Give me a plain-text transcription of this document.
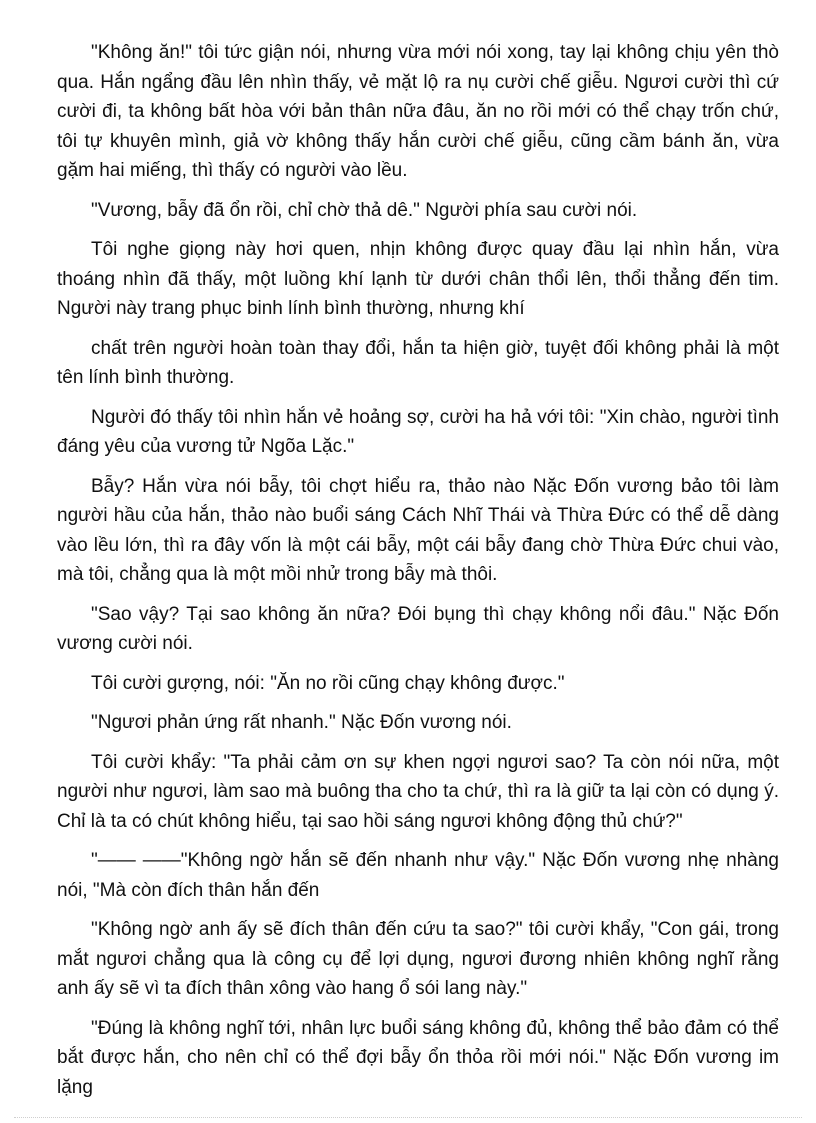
"Không ăn!" tôi tức giận nói, nhưng vừa mới nói xong, tay lại không chịu yên thò qua. Hắn ngẩng đầu lên nhìn thấy, vẻ mặt lộ ra nụ cười chế giễu. Ngươi cười thì cứ cười đi, ta không bất hòa với bản thân nữa đâu, ăn no rồi mới có thể chạy trốn chứ, tôi tự khuyên mình, giả vờ không thấy hắn cười chế giễu, cũng cầm bánh ăn, vừa gặm hai miếng, thì thấy có người vào lều.

"Vương, bẫy đã ổn rồi, chỉ chờ thả dê." Người phía sau cười nói.

Tôi nghe giọng này hơi quen, nhịn không được quay đầu lại nhìn hắn, vừa thoáng nhìn đã thấy, một luồng khí lạnh từ dưới chân thổi lên, thổi thẳng đến tim. Người này trang phục binh lính bình thường, nhưng khí

chất trên người hoàn toàn thay đổi, hắn ta hiện giờ, tuyệt đối không phải là một tên lính bình thường.

Người đó thấy tôi nhìn hắn vẻ hoảng sợ, cười ha hả với tôi: "Xin chào, người tình đáng yêu của vương tử Ngõa Lặc."

Bẫy? Hắn vừa nói bẫy, tôi chợt hiểu ra, thảo nào Nặc Đốn vương bảo tôi làm người hầu của hắn, thảo nào buổi sáng Cách Nhĩ Thái và Thừa Đức có thể dễ dàng vào lều lớn, thì ra đây vốn là một cái bẫy, một cái bẫy đang chờ Thừa Đức chui vào, mà tôi, chẳng qua là một mồi nhử trong bẫy mà thôi.

"Sao vậy? Tại sao không ăn nữa? Đói bụng thì chạy không nổi đâu." Nặc Đốn vương cười nói.

Tôi cười gượng, nói: "Ăn no rồi cũng chạy không được."

"Ngươi phản ứng rất nhanh." Nặc Đốn vương nói.

Tôi cười khẩy: "Ta phải cảm ơn sự khen ngợi ngươi sao? Ta còn nói nữa, một người như ngươi, làm sao mà buông tha cho ta chứ, thì ra là giữ ta lại còn có dụng ý. Chỉ là ta có chút không hiểu, tại sao hồi sáng ngươi không động thủ chứ?"

"—— ——"Không ngờ hắn sẽ đến nhanh như vậy." Nặc Đốn vương nhẹ nhàng nói, "Mà còn đích thân hắn đến

"Không ngờ anh ấy sẽ đích thân đến cứu ta sao?" tôi cười khẩy, "Con gái, trong mắt ngươi chẳng qua là công cụ để lợi dụng, ngươi đương nhiên không nghĩ rằng anh ấy sẽ vì ta đích thân xông vào hang ổ sói lang này."

"Đúng là không nghĩ tới, nhân lực buổi sáng không đủ, không thể bảo đảm có thể bắt được hắn, cho nên chỉ có thể đợi bẫy ổn thỏa rồi mới nói." Nặc Đốn vương im lặng
